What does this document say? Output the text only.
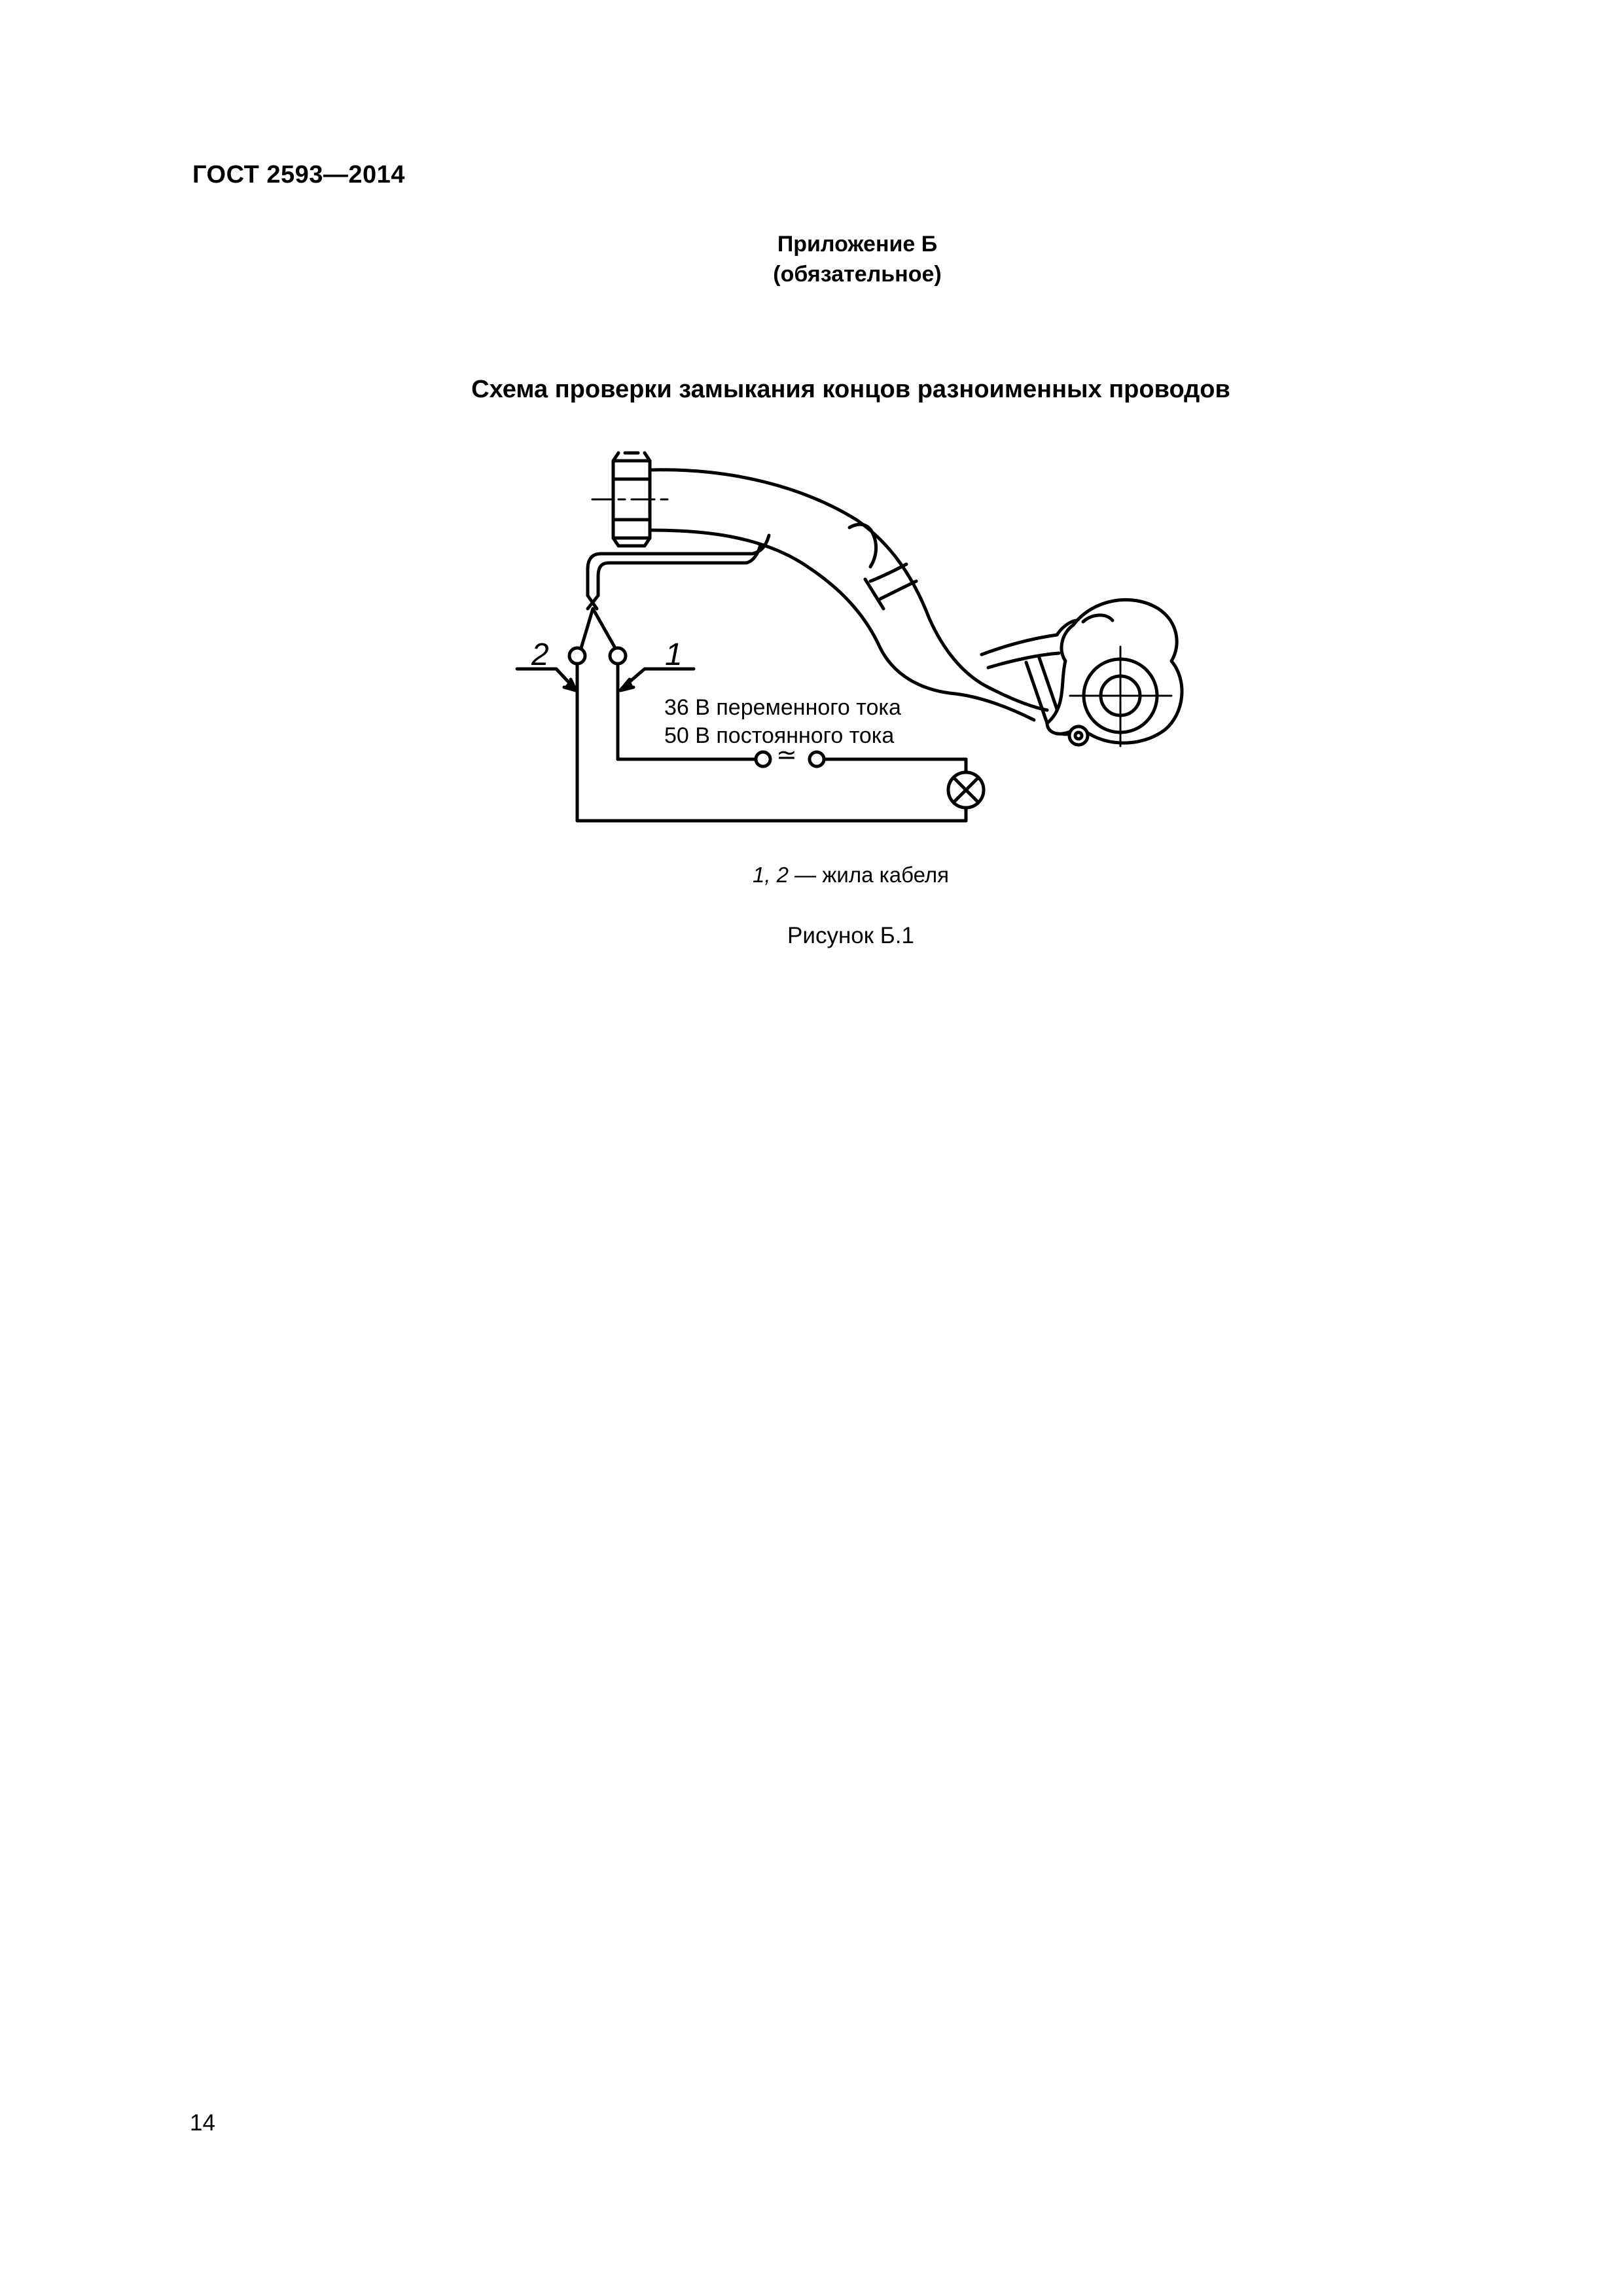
ГОСТ 2593—2014
Приложение Б
(обязательное)
Схема проверки замыкания концов разноименных проводов
2	1
36 В переменного тока
50 В постоянного тока
≃
1, 2 — жила кабеля
Рисунок Б.1
14
